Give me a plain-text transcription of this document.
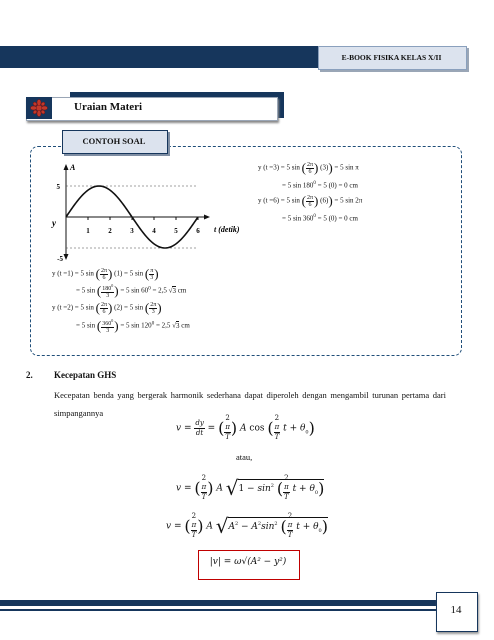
E-BOOK FISIKA KELAS X/II
Uraian Materi
CONTOH SOAL
A
5
-5
y
1	2	3	4	5	6 t (detik)
y (t =1) = 5 sin ( $\frac{2\pi}{6}$ ) (1) = 5 sin ( $\frac{\pi}{3}$ )
= 5 sin ( $\frac{180^0}{3}$ ) = 5 $\sin 60^0 = 2,5$ √3 cm
y (t =2) = 5 sin ( $\frac{2\pi}{6}$ ) (2) = 5 sin ( $\frac{2\pi}{3}$ )
= 5 sin ( $\frac{360^0}{3}$ ) = 5 $\sin 120^0 = 2,5$ √3 cm
y (t =3) = 5 sin ( $\frac{2\pi}{6}$ ) (3)) = 5 sin π
= 5 $\sin 180^0 = 5$ (0) = 0 cm
y (t =6) = 5 sin ( $\frac{2\pi}{6}$ ) (6)) = 5 sin 2π
= 5 $\sin 360^0 = 5$ (0) = 0 cm
2. Kecepatan GHS
Kecepatan benda yang bergerak harmonik sederhana dapat diperoleh dengan mengambil turunan pertama dari simpangannya
$v = \frac{dy}{dt}$ = ( 2
π
T ) A cos ( 2
π
T $t + \theta_0$)
atau,
v = ( 2
π
T ) A $√1 - \sin^2$ ( 2
π
T $t + \theta_0$)
v = ( 2
π
T ) A $√A^2 - A^2\sin^2$ ( 2
π
T $t + \theta_0$)
|v| = ω√(A² − y²)
14
